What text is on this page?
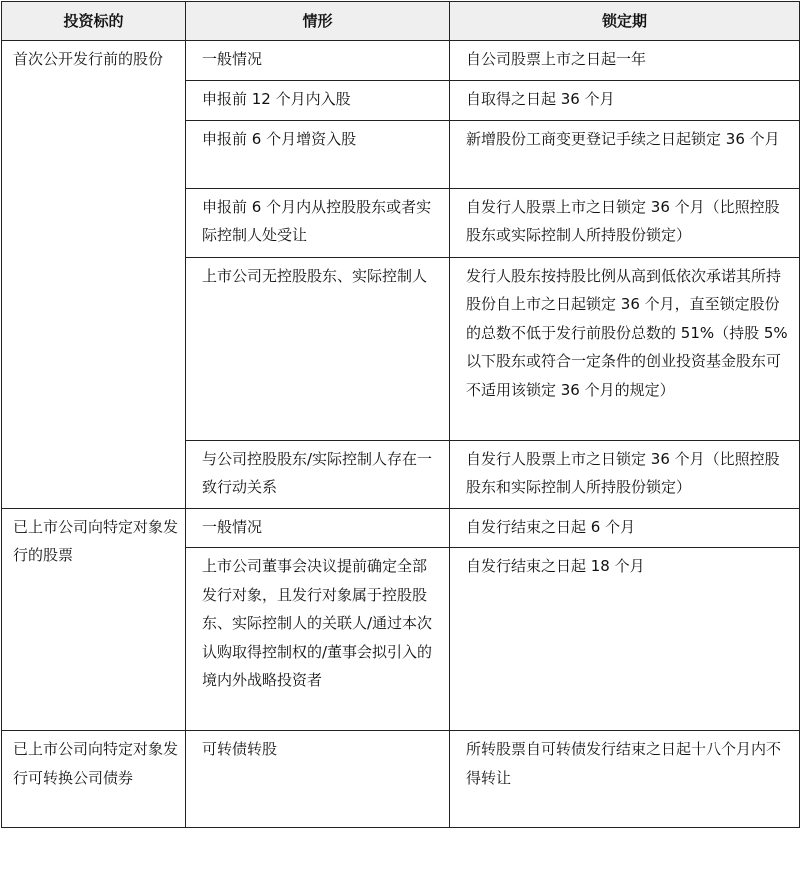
投资标的	情形	锁定期
首次公开发行前的股份	一般情况	自公司股票上市之日起一年
	申报前 12 个月内入股	自取得之日起 36 个月
	申报前 6 个月增资入股	新增股份工商变更登记手续之日起锁定 36 个月
	申报前 6 个月内从控股股东或者实际控制人处受让	自发行人股票上市之日锁定 36 个月（比照控股股东或实际控制人所持股份锁定）
	上市公司无控股股东、实际控制人	发行人股东按持股比例从高到低依次承诺其所持股份自上市之日起锁定 36 个月，直至锁定股份的总数不低于发行前股份总数的 51%（持股 5%以下股东或符合一定条件的创业投资基金股东可不适用该锁定 36 个月的规定）
	与公司控股股东/实际控制人存在一致行动关系	自发行人股票上市之日锁定 36 个月（比照控股股东和实际控制人所持股份锁定）
已上市公司向特定对象发行的股票	一般情况	自发行结束之日起 6 个月
	上市公司董事会决议提前确定全部发行对象，且发行对象属于控股股东、实际控制人的关联人/通过本次认购取得控制权的/董事会拟引入的境内外战略投资者	自发行结束之日起 18 个月
已上市公司向特定对象发行可转换公司债券	可转债转股	所转股票自可转债发行结束之日起十八个月内不得转让
